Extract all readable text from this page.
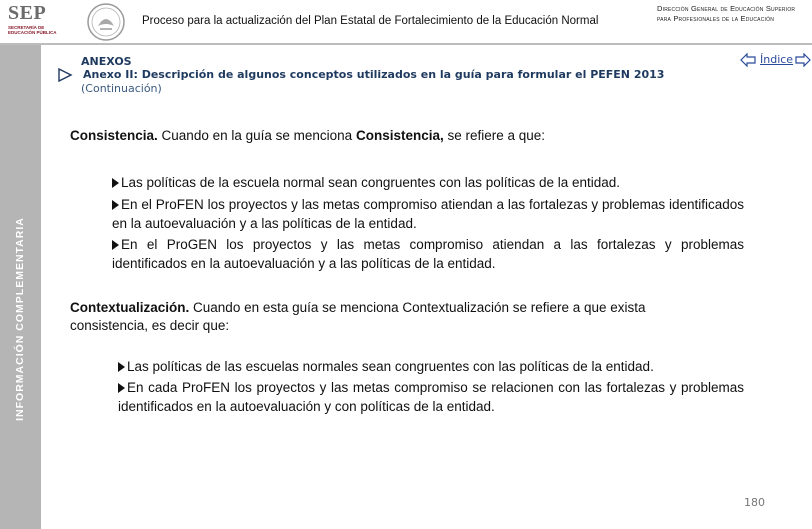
SEP
SECRETARÍA DE EDUCACIÓN PÚBLICA
Proceso para la actualización del Plan Estatal de Fortalecimiento de la Educación Normal
Dirección General de Educación Superior para Profesionales de la Educación
INFORMACIÓN COMPLEMENTARIA
ANEXOS
Anexo II: Descripción de algunos conceptos utilizados en la guía para formular el PEFEN 2013
(Continuación)
Índice
Consistencia. Cuando en la guía se menciona Consistencia, se refiere a que:
Las políticas de la escuela normal sean congruentes con las políticas de la entidad.
En el ProFEN los proyectos y las metas compromiso atiendan a las fortalezas y problemas identificados en la autoevaluación y a las políticas de la entidad.
En el ProGEN los proyectos y las metas compromiso atiendan a las fortalezas y problemas identificados en la autoevaluación y a las políticas de la entidad.
Contextualización. Cuando en esta guía se menciona Contextualización se refiere a que exista consistencia, es decir que:
Las políticas de las escuelas normales sean congruentes con las políticas de la entidad.
En cada ProFEN los proyectos y las metas compromiso se relacionen con las fortalezas y problemas identificados en la autoevaluación y con políticas de la entidad.
180
